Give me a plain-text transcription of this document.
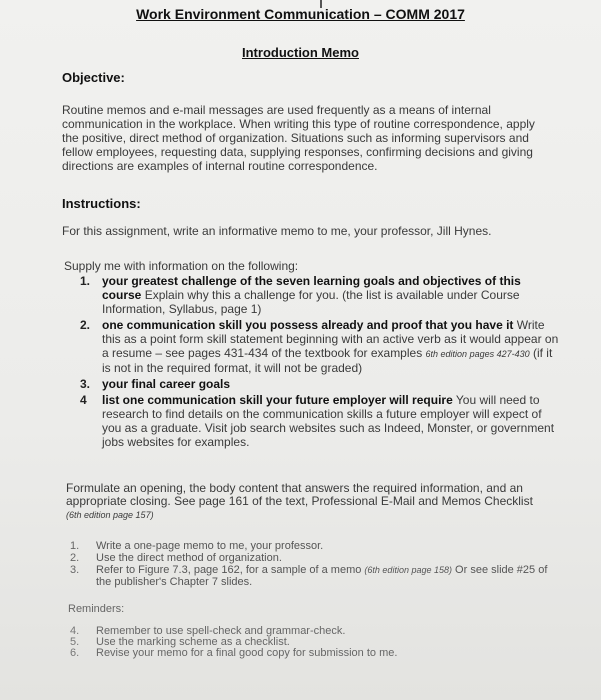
Work Environment Communication – COMM 2017
Introduction Memo
Objective:
Routine memos and e-mail messages are used frequently as a means of internal communication in the workplace. When writing this type of routine correspondence, apply the positive, direct method of organization. Situations such as informing supervisors and fellow employees, requesting data, supplying responses, confirming decisions and giving directions are examples of internal routine correspondence.
Instructions:
For this assignment, write an informative memo to me, your professor, Jill Hynes.
Supply me with information on the following:
1. your greatest challenge of the seven learning goals and objectives of this course Explain why this a challenge for you. (the list is available under Course Information, Syllabus, page 1)
2. one communication skill you possess already and proof that you have it Write this as a point form skill statement beginning with an active verb as it would appear on a resume – see pages 431-434 of the textbook for examples 6th edition pages 427-430 (if it is not in the required format, it will not be graded)
3. your final career goals
4 list one communication skill your future employer will require You will need to research to find details on the communication skills a future employer will expect of you as a graduate. Visit job search websites such as Indeed, Monster, or government jobs websites for examples.
Formulate an opening, the body content that answers the required information, and an appropriate closing. See page 161 of the text, Professional E-Mail and Memos Checklist (6th edition page 157)
1. Write a one-page memo to me, your professor.
2. Use the direct method of organization.
3. Refer to Figure 7.3, page 162, for a sample of a memo (6th edition page 158) Or see slide #25 of the publisher's Chapter 7 slides.
Reminders:
4. Remember to use spell-check and grammar-check.
5. Use the marking scheme as a checklist.
6. Revise your memo for a final good copy for submission to me.
